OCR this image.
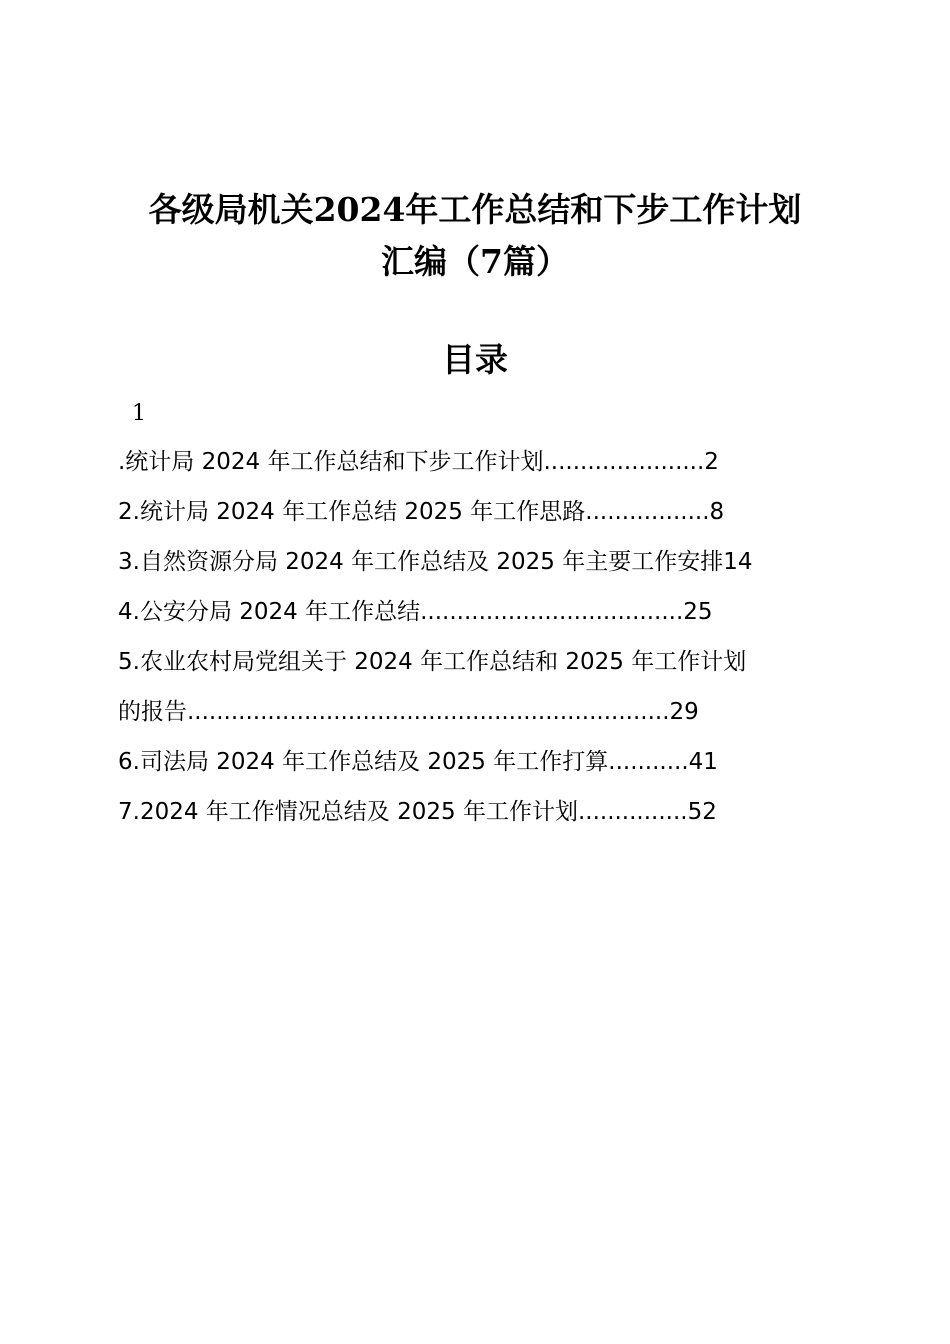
各级局机关2024年工作总结和下步工作计划
汇编（7篇）
目录
1
.统计局 2024 年工作总结和下步工作计划......................2
2.统计局 2024 年工作总结 2025 年工作思路.................8
3.自然资源分局 2024 年工作总结及 2025 年主要工作安排14
4.公安分局 2024 年工作总结....................................25
5.农业农村局党组关于 2024 年工作总结和 2025 年工作计划
的报告..................................................................29
6.司法局 2024 年工作总结及 2025 年工作打算...........41
7.2024 年工作情况总结及 2025 年工作计划...............52
